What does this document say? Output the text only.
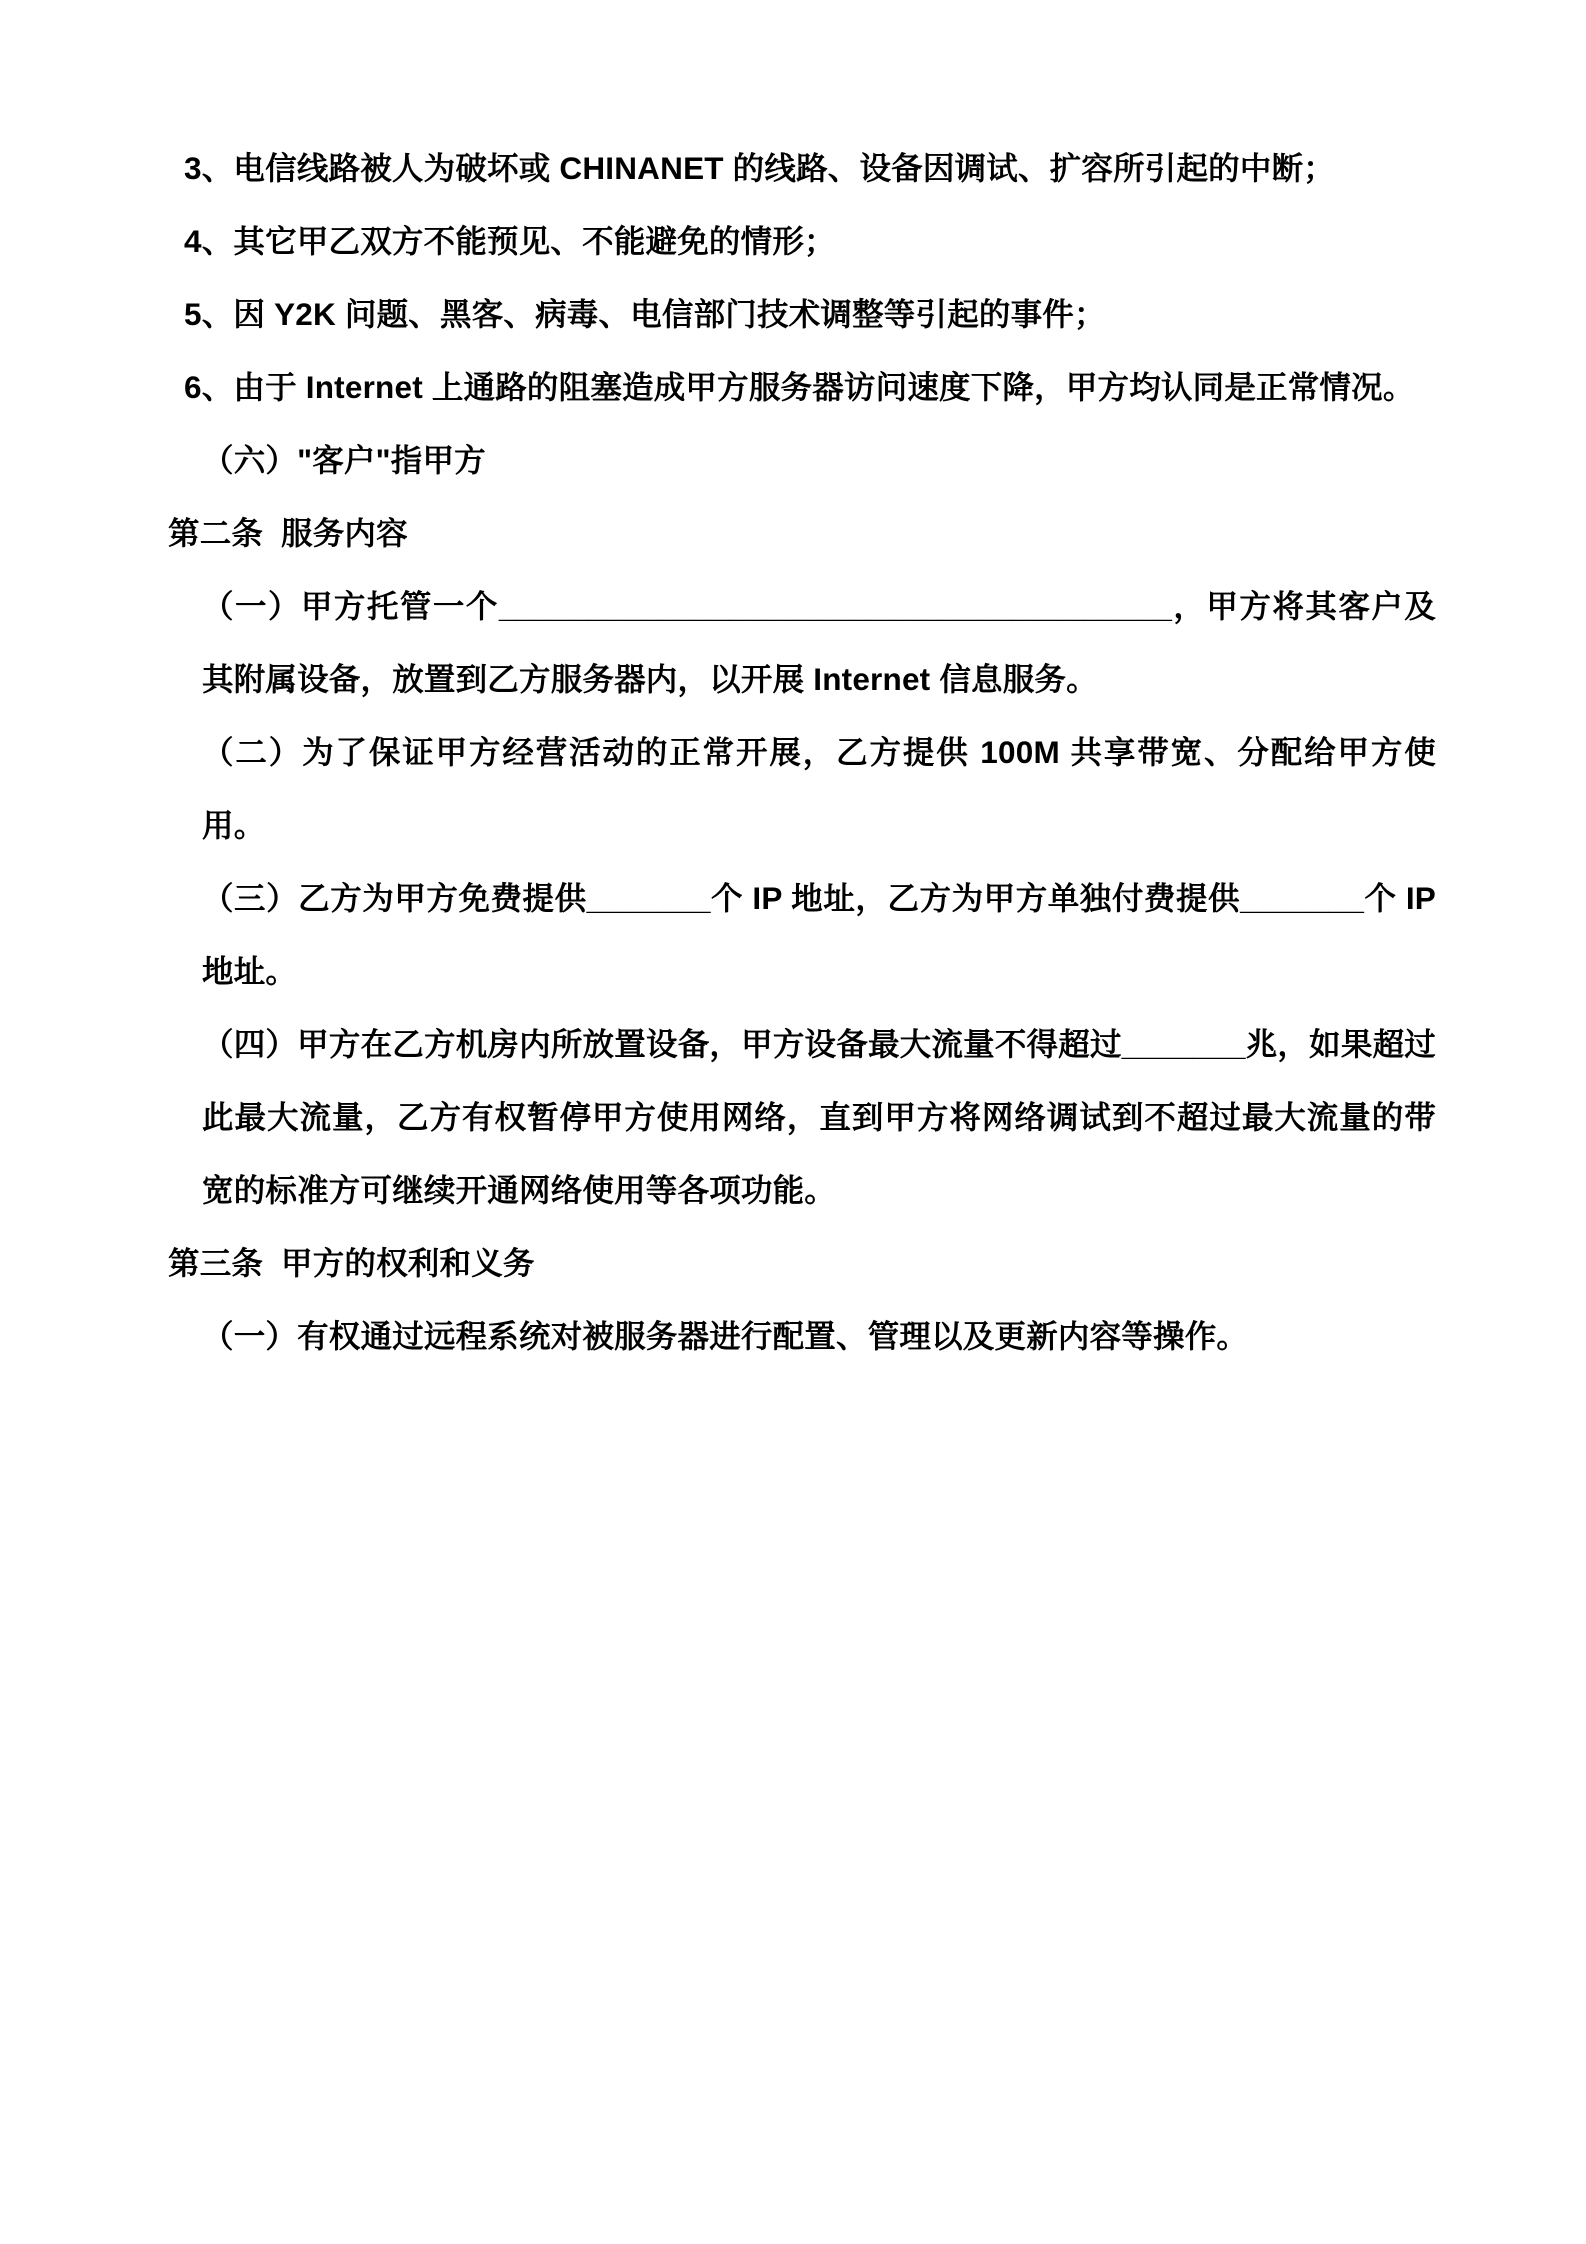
3、电信线路被人为破坏或 CHINANET 的线路、设备因调试、扩容所引起的中断；

4、其它甲乙双方不能预见、不能避免的情形；

5、因 Y2K 问题、黑客、病毒、电信部门技术调整等引起的事件；

6、由于 Internet 上通路的阻塞造成甲方服务器访问速度下降，甲方均认同是正常情况。

（六）"客户"指甲方

第二条  服务内容

（一）甲方托管一个______________________________________，甲方将其客户及其附属设备，放置到乙方服务器内，以开展 Internet 信息服务。

（二）为了保证甲方经营活动的正常开展，乙方提供 100M 共享带宽、分配给甲方使用。

（三）乙方为甲方免费提供_______个 IP 地址，乙方为甲方单独付费提供_______个 IP 地址。

（四）甲方在乙方机房内所放置设备，甲方设备最大流量不得超过_______兆，如果超过此最大流量，乙方有权暂停甲方使用网络，直到甲方将网络调试到不超过最大流量的带宽的标准方可继续开通网络使用等各项功能。

第三条  甲方的权利和义务

（一）有权通过远程系统对被服务器进行配置、管理以及更新内容等操作。
